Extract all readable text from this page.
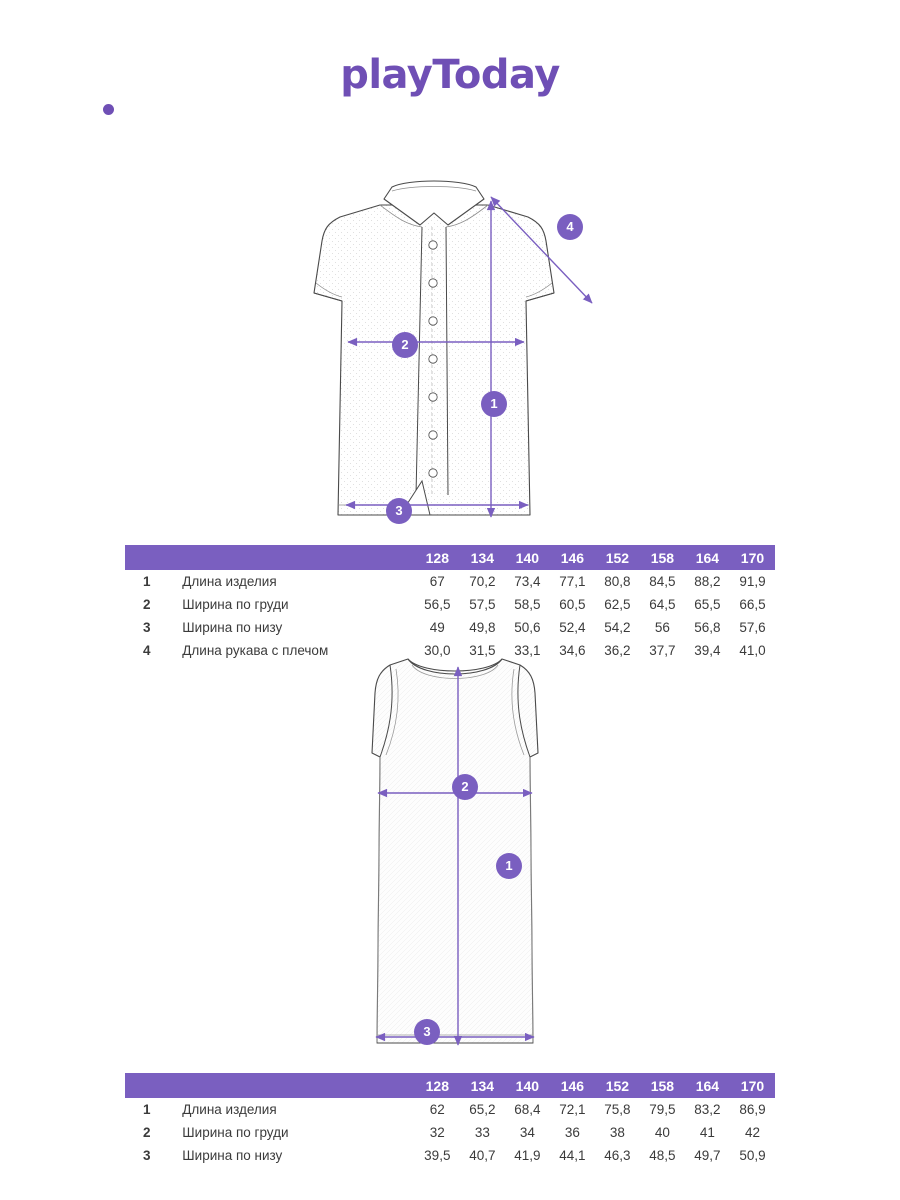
playToday
1
2
3
4
		128	134	140	146	152	158	164	170
1	Длина изделия	67	70,2	73,4	77,1	80,8	84,5	88,2	91,9
2	Ширина по груди	56,5	57,5	58,5	60,5	62,5	64,5	65,5	66,5
3	Ширина по низу	49	49,8	50,6	52,4	54,2	56	56,8	57,6
4	Длина рукава с плечом	30,0	31,5	33,1	34,6	36,2	37,7	39,4	41,0
1
2
3
		128	134	140	146	152	158	164	170
1	Длина изделия	62	65,2	68,4	72,1	75,8	79,5	83,2	86,9
2	Ширина по груди	32	33	34	36	38	40	41	42
3	Ширина по низу	39,5	40,7	41,9	44,1	46,3	48,5	49,7	50,9
